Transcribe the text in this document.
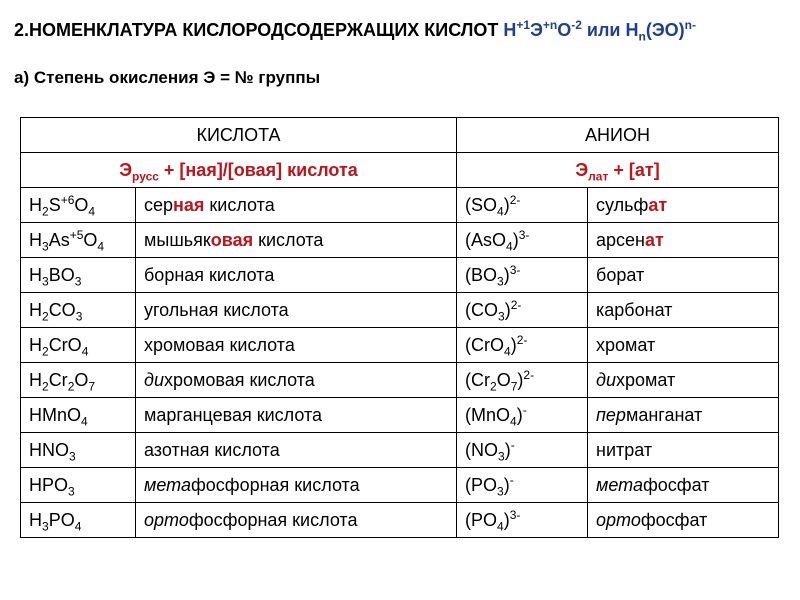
2.НОМЕНКЛАТУРА КИСЛОРОДСОДЕРЖАЩИХ КИСЛОТ $Н^{+1}Э^{+n}О^{-2}$ или $Н_n(ЭО)^{n-}$
а) Степень окисления Э = № группы
КИСЛОТА		АНИОН	
$Э_{русс}$ + [ная]/[овая] кислота		$Э_{лат} + [ат]$	
$H_2S^{+6}O_4$	серная кислота	$(SO_4)^{2-}$	сульфат
$H_3As^{+5}O_4$	мышьяковая кислота	$(AsO_4)^{3-}$	арсенат
$H_3BO_3$	борная кислота	$(BO_3)^{3-}$	борат
$H_2CO_3$	угольная кислота	$(CO_3)^{2-}$	карбонат
$H_2CrO_4$	хромовая кислота	$(CrO_4)^{2-}$	хромат
$H_2Cr_2O_7$	дихромовая кислота	$(Cr_2O_7)^{2-}$	дихромат
HMnO$_4$	марганцевая кислота	(MnO$_4$)-	перманганат
$HNO_3$	азотная кислота	$(NO_3)^-$	нитрат
$HPO_3$	метафосфорная кислота	$(PO_3)^-$	метафосфат
$H_3PO_4$	ортофосфорная кислота	$(PO_4)^{3-}$	ортофосфат
